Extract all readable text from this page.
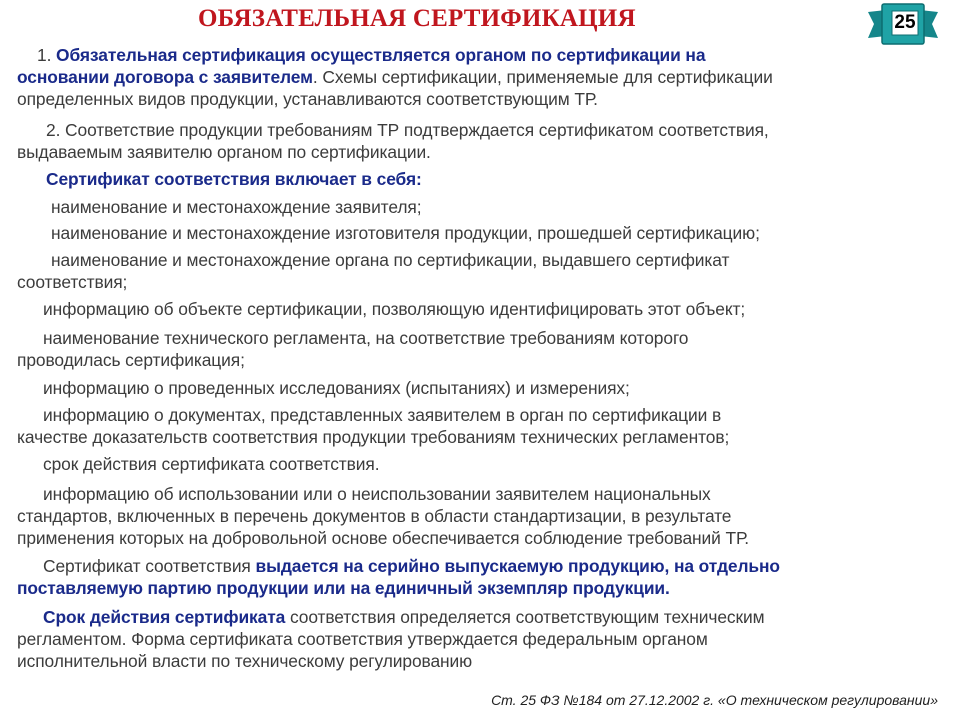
ОБЯЗАТЕЛЬНАЯ СЕРТИФИКАЦИЯ	25

1. Обязательная сертификация осуществляется органом по сертификации на
основании договора с заявителем. Схемы сертификации, применяемые для сертификации
определенных видов продукции, устанавливаются соответствующим ТР.

2. Соответствие продукции требованиям ТР подтверждается сертификатом соответствия,
выдаваемым заявителю органом по сертификации.

Сертификат соответствия включает в себя:

наименование и местонахождение заявителя;

наименование и местонахождение изготовителя продукции, прошедшей сертификацию;

наименование и местонахождение органа по сертификации, выдавшего сертификат
соответствия;

информацию об объекте сертификации, позволяющую идентифицировать этот объект;

наименование технического регламента, на соответствие требованиям которого
проводилась сертификация;

информацию о проведенных исследованиях (испытаниях) и измерениях;

информацию о документах, представленных заявителем в орган по сертификации в
качестве доказательств соответствия продукции требованиям технических регламентов;

срок действия сертификата соответствия.

информацию об использовании или о неиспользовании заявителем национальных
стандартов, включенных в перечень документов в области стандартизации, в результате
применения которых на добровольной основе обеспечивается соблюдение требований ТР.

Сертификат соответствия выдается на серийно выпускаемую продукцию, на отдельно
поставляемую партию продукции или на единичный экземпляр продукции.

Срок действия сертификата соответствия определяется соответствующим техническим
регламентом. Форма сертификата соответствия утверждается федеральным органом
исполнительной власти по техническому регулированию

Ст. 25 ФЗ №184 от 27.12.2002 г. «О техническом регулировании»
